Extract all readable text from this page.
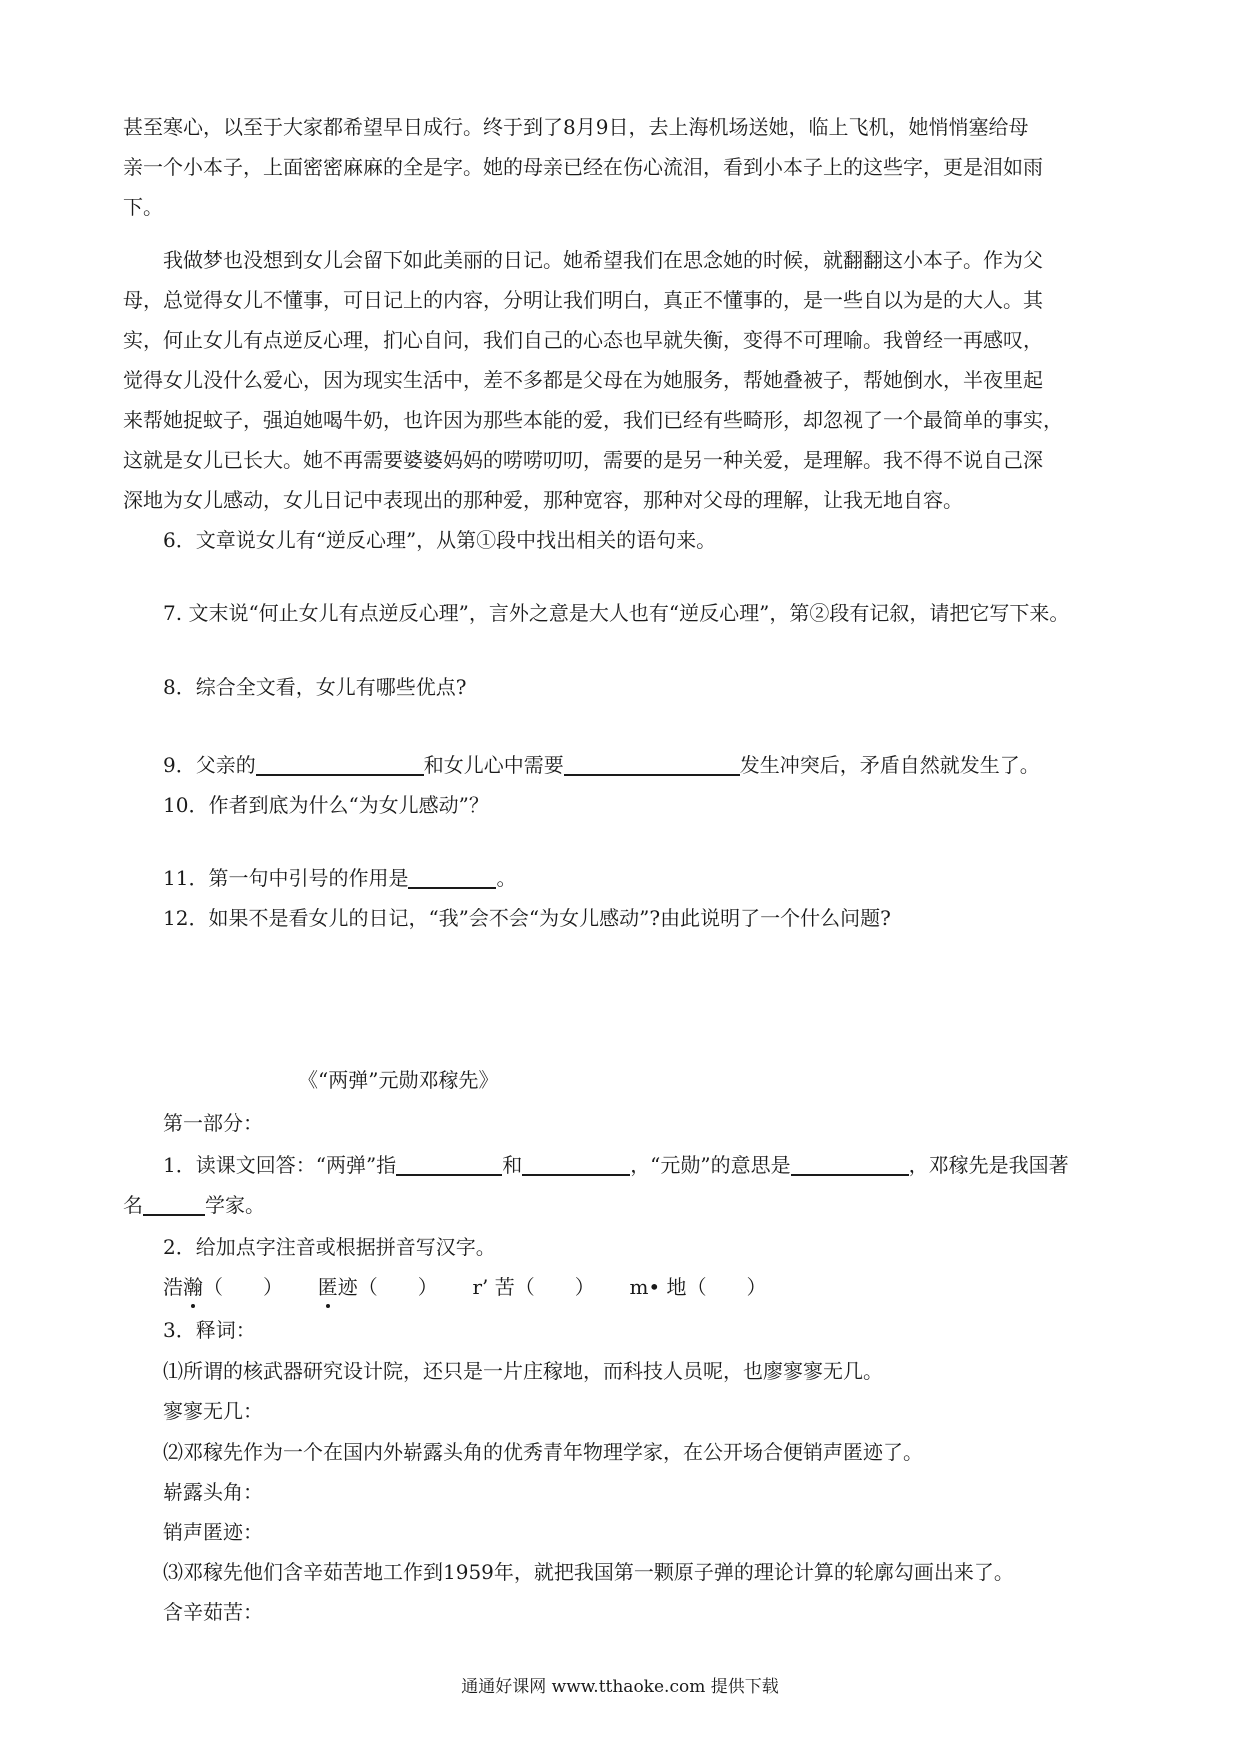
甚至寒心，以至于大家都希望早日成行。终于到了8月9日，去上海机场送她，临上飞机，她悄悄塞给母
亲一个小本子，上面密密麻麻的全是字。她的母亲已经在伤心流泪，看到小本子上的这些字，更是泪如雨
下。
我做梦也没想到女儿会留下如此美丽的日记。她希望我们在思念她的时候，就翻翻这小本子。作为父
母，总觉得女儿不懂事，可日记上的内容，分明让我们明白，真正不懂事的，是一些自以为是的大人。其
实，何止女儿有点逆反心理，扪心自问，我们自己的心态也早就失衡，变得不可理喻。我曾经一再感叹，
觉得女儿没什么爱心，因为现实生活中，差不多都是父母在为她服务，帮她叠被子，帮她倒水，半夜里起
来帮她捉蚊子，强迫她喝牛奶，也许因为那些本能的爱，我们已经有些畸形，却忽视了一个最简单的事实，
这就是女儿已长大。她不再需要婆婆妈妈的唠唠叨叨，需要的是另一种关爱，是理解。我不得不说自己深
深地为女儿感动，女儿日记中表现出的那种爱，那种宽容，那种对父母的理解，让我无地自容。
6．文章说女儿有“逆反心理”，从第①段中找出相关的语句来。
7. 文末说“何止女儿有点逆反心理”，言外之意是大人也有“逆反心理”，第②段有记叙，请把它写下来。
8．综合全文看，女儿有哪些优点?
9．父亲的	和女儿心中需要	发生冲突后，矛盾自然就发生了。
10．作者到底为什么“为女儿感动”？
11．第一句中引号的作用是	。
12．如果不是看女儿的日记，“我”会不会“为女儿感动”?由此说明了一个什么问题?
《“两弹”元勋邓稼先》
第一部分：
1．读课文回答：“两弹”指	和	，“元勋”的意思是	，邓稼先是我国著
名	学家。
2．给加点字注音或根据拼音写汉字。
浩瀚（　　） 匿迹（　　） r’ 苦（　　） m• 地（　　）
3．释词：
⑴所谓的核武器研究设计院，还只是一片庄稼地，而科技人员呢，也廖寥寥无几。
寥寥无几：
⑵邓稼先作为一个在国内外崭露头角的优秀青年物理学家，在公开场合便销声匿迹了。
崭露头角：
销声匿迹：
⑶邓稼先他们含辛茹苦地工作到1959年，就把我国第一颗原子弹的理论计算的轮廓勾画出来了。
含辛茹苦：
通通好课网 www.tthaoke.com 提供下载
